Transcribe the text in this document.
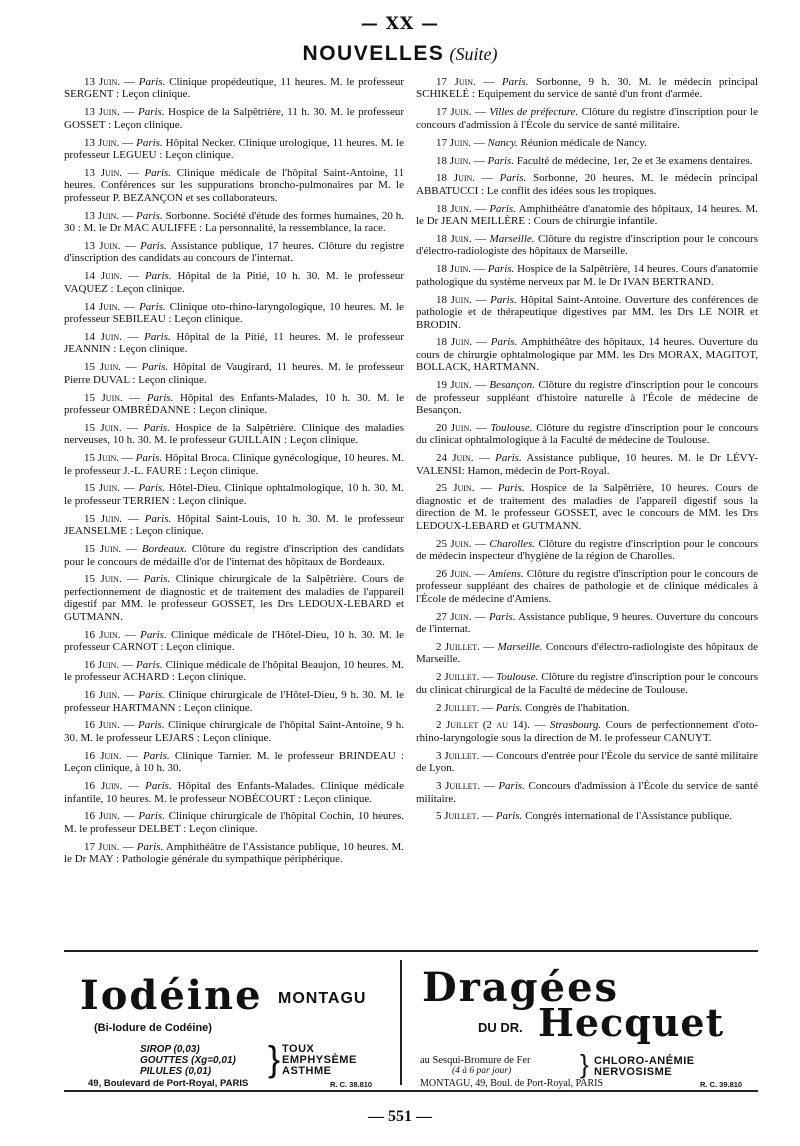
— XX —
NOUVELLES (Suite)

13 Juin. — Paris. Clinique propédeutique, 11 heures. M. le professeur SERGENT : Leçon clinique.

13 Juin. — Paris. Hospice de la Salpêtrière, 11 h. 30. M. le professeur GOSSET : Leçon clinique.

13 Juin. — Paris. Hôpital Necker. Clinique urologique, 11 heures. M. le professeur LEGUEU : Leçon clinique.

13 Juin. — Paris. Clinique médicale de l'hôpital Saint-Antoine, 11 heures. Conférences sur les suppurations broncho-pulmonaires par M. le professeur P. BEZANÇON et ses collaborateurs.

13 Juin. — Paris. Sorbonne. Société d'étude des formes humaines, 20 h. 30 : M. le Dr MAC AULIFFE : La personnalité, la ressemblance, la race.

13 Juin. — Paris. Assistance publique, 17 heures. Clôture du registre d'inscription des candidats au concours de l'internat.

14 Juin. — Paris. Hôpital de la Pitié, 10 h. 30. M. le professeur VAQUEZ : Leçon clinique.

14 Juin. — Paris. Clinique oto-rhino-laryngologique, 10 heures. M. le professeur SEBILEAU : Leçon clinique.

14 Juin. — Paris. Hôpital de la Pitié, 11 heures. M. le professeur JEANNIN : Leçon clinique.

15 Juin. — Paris. Hôpital de Vaugirard, 11 heures. M. le professeur Pierre DUVAL : Leçon clinique.

15 Juin. — Paris. Hôpital des Enfants-Malades, 10 h. 30. M. le professeur OMBRÉDANNE : Leçon clinique.

15 Juin. — Paris. Hospice de la Salpêtrière. Clinique des maladies nerveuses, 10 h. 30. M. le professeur GUILLAIN : Leçon clinique.

15 Juin. — Paris. Hôpital Broca. Clinique gynécologique, 10 heures. M. le professeur J.-L. FAURE : Leçon clinique.

15 Juin. — Paris. Hôtel-Dieu. Clinique ophtalmologique, 10 h. 30. M. le professeur TERRIEN : Leçon clinique.

15 Juin. — Paris. Hôpital Saint-Louis, 10 h. 30. M. le professeur JEANSELME : Leçon clinique.

15 Juin. — Bordeaux. Clôture du registre d'inscription des candidats pour le concours de médaille d'or de l'internat des hôpitaux de Bordeaux.

15 Juin. — Paris. Clinique chirurgicale de la Salpêtrière. Cours de perfectionnement de diagnostic et de traitement des maladies de l'appareil digestif par MM. le professeur GOSSET, les Drs LEDOUX-LEBARD et GUTMANN.

16 Juin. — Paris. Clinique médicale de l'Hôtel-Dieu, 10 h. 30. M. le professeur CARNOT : Leçon clinique.

16 Juin. — Paris. Clinique médicale de l'hôpital Beaujon, 10 heures. M. le professeur ACHARD : Leçon clinique.

16 Juin. — Paris. Clinique chirurgicale de l'Hôtel-Dieu, 9 h. 30. M. le professeur HARTMANN : Leçon clinique.

16 Juin. — Paris. Clinique chirurgicale de l'hôpital Saint-Antoine, 9 h. 30. M. le professeur LEJARS : Leçon clinique.

16 Juin. — Paris. Clinique Tarnier. M. le professeur BRINDEAU : Leçon clinique, à 10 h. 30.

16 Juin. — Paris. Hôpital des Enfants-Malades. Clinique médicale infantile, 10 heures. M. le professeur NOBÉCOURT : Leçon clinique.

16 Juin. — Paris. Clinique chirurgicale de l'hôpital Cochin, 10 heures. M. le professeur DELBET : Leçon clinique.

17 Juin. — Paris. Amphithéâtre de l'Assistance publique, 10 heures. M. le Dr MAY : Pathologie générale du sympathique périphérique.

17 Juin. — Paris. Sorbonne, 9 h. 30. M. le médecin principal SCHIKELÉ : Equipement du service de santé d'un front d'armée.

17 Juin. — Villes de préfecture. Clôture du registre d'inscription pour le concours d'admission à l'École du service de santé militaire.

17 Juin. — Nancy. Réunion médicale de Nancy.

18 Juin. — Paris. Faculté de médecine, 1er, 2e et 3e examens dentaires.

18 Juin. — Paris. Sorbonne, 20 heures. M. le médecin principal ABBATUCCI : Le conflit des idées sous les tropiques.

18 Juin. — Paris. Amphithéâtre d'anatomie des hôpitaux, 14 heures. M. le Dr JEAN MEILLÈRE : Cours de chirurgie infantile.

18 Juin. — Marseille. Clôture du registre d'inscription pour le concours d'électro-radiologiste des hôpitaux de Marseille.

18 Juin. — Paris. Hospice de la Salpêtrière, 14 heures. Cours d'anatomie pathologique du système nerveux par M. le Dr IVAN BERTRAND.

18 Juin. — Paris. Hôpital Saint-Antoine. Ouverture des conférences de pathologie et de thérapeutique digestives par MM. les Drs LE NOIR et BRODIN.

18 Juin. — Paris. Amphithéâtre des hôpitaux, 14 heures. Ouverture du cours de chirurgie ophtalmologique par MM. les Drs MORAX, MAGITOT, BOLLACK, HARTMANN.

19 Juin. — Besançon. Clôture du registre d'inscription pour le concours de professeur suppléant d'histoire naturelle à l'École de médecine de Besançon.

20 Juin. — Toulouse. Clôture du registre d'inscription pour le concours du clinicat ophtalmologique à la Faculté de médecine de Toulouse.

24 Juin. — Paris. Assistance publique, 10 heures. M. le Dr LÉVY-VALENSI: Hamon, médecin de Port-Royal.

25 Juin. — Paris. Hospice de la Salpêtrière, 10 heures. Cours de diagnostic et de traitement des maladies de l'appareil digestif sous la direction de M. le professeur GOSSET, avec le concours de MM. les Drs LEDOUX-LEBARD et GUTMANN.

25 Juin. — Charolles. Clôture du registre d'inscription pour le concours de médecin inspecteur d'hygiène de la région de Charolles.

26 Juin. — Amiens. Clôture du registre d'inscription pour le concours de professeur suppléant des chaires de pathologie et de clinique médicales à l'École de médecine d'Amiens.

27 Juin. — Paris. Assistance publique, 9 heures. Ouverture du concours de l'internat.

2 Juillet. — Marseille. Concours d'électro-radiologiste des hôpitaux de Marseille.

2 Juillet. — Toulouse. Clôture du registre d'inscription pour le concours du clinicat chirurgical de la Faculté de médecine de Toulouse.

2 Juillet. — Paris. Congrès de l'habitation.

2 Juillet (2 au 14). — Strasbourg. Cours de perfectionnement d'oto-rhino-laryngologie sous la direction de M. le professeur CANUYT.

3 Juillet. — Concours d'entrée pour l'École du service de santé militaire de Lyon.

3 Juillet. — Paris. Concours d'admission à l'École du service de santé militaire.

5 Juillet. — Paris. Congrès international de l'Assistance publique.

Iodéine MONTAGU
(Bi-Iodure de Codéine)
SIROP (0,03)
GOUTTES (Xg=0,01)
PILULES (0,01)	} TOUX
EMPHYSÈME
ASTHME
49, Boulevard de Port-Royal, PARIS	R. C. 38.810
Dragées
DU DR. Hecquet
au Sesqui-Bromure de Fer
(4 à 6 par jour)	} CHLORO-ANÉMIE
NERVOSISME
MONTAGU, 49, Boul. de Port-Royal, PARIS	R. C. 39.810
— 551 —
